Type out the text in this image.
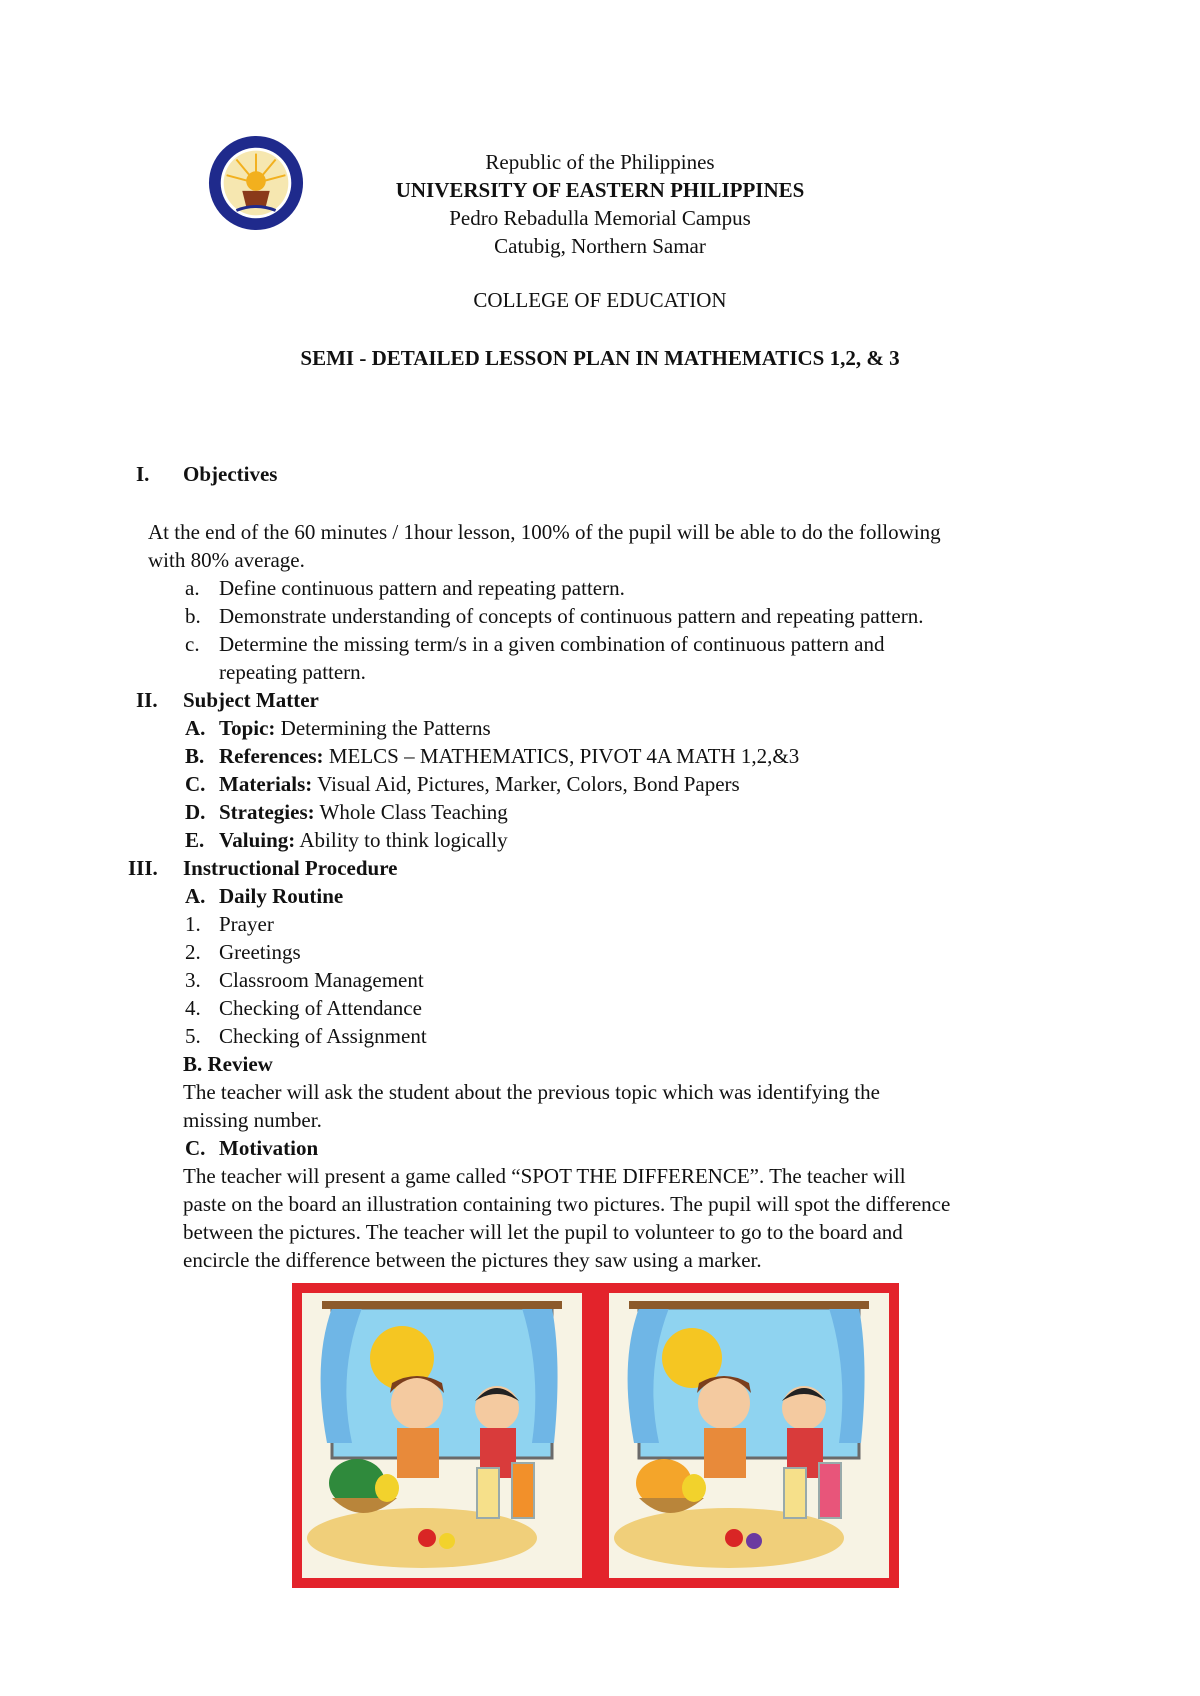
Republic of the Philippines
UNIVERSITY OF EASTERN PHILIPPINES
Pedro Rebadulla Memorial Campus
Catubig, Northern Samar
COLLEGE OF EDUCATION
SEMI - DETAILED LESSON PLAN IN MATHEMATICS 1,2, & 3
I. Objectives
At the end of the 60 minutes / 1hour lesson, 100% of the pupil will be able to do the following
with 80% average.
a. Define continuous pattern and repeating pattern.
b. Demonstrate understanding of concepts of continuous pattern and repeating pattern.
c. Determine the missing term/s in a given combination of continuous pattern and
repeating pattern.
II. Subject Matter
A. Topic: Determining the Patterns
B. References: MELCS – MATHEMATICS, PIVOT 4A MATH 1,2,&3
C. Materials: Visual Aid, Pictures, Marker, Colors, Bond Papers
D. Strategies: Whole Class Teaching
E. Valuing: Ability to think logically
III. Instructional Procedure
A. Daily Routine
1. Prayer
2. Greetings
3. Classroom Management
4. Checking of Attendance
5. Checking of Assignment
B. Review
The teacher will ask the student about the previous topic which was identifying the
missing number.
C. Motivation
The teacher will present a game called “SPOT THE DIFFERENCE”. The teacher will
paste on the board an illustration containing two pictures. The pupil will spot the difference
between the pictures. The teacher will let the pupil to volunteer to go to the board and
encircle the difference between the pictures they saw using a marker.
